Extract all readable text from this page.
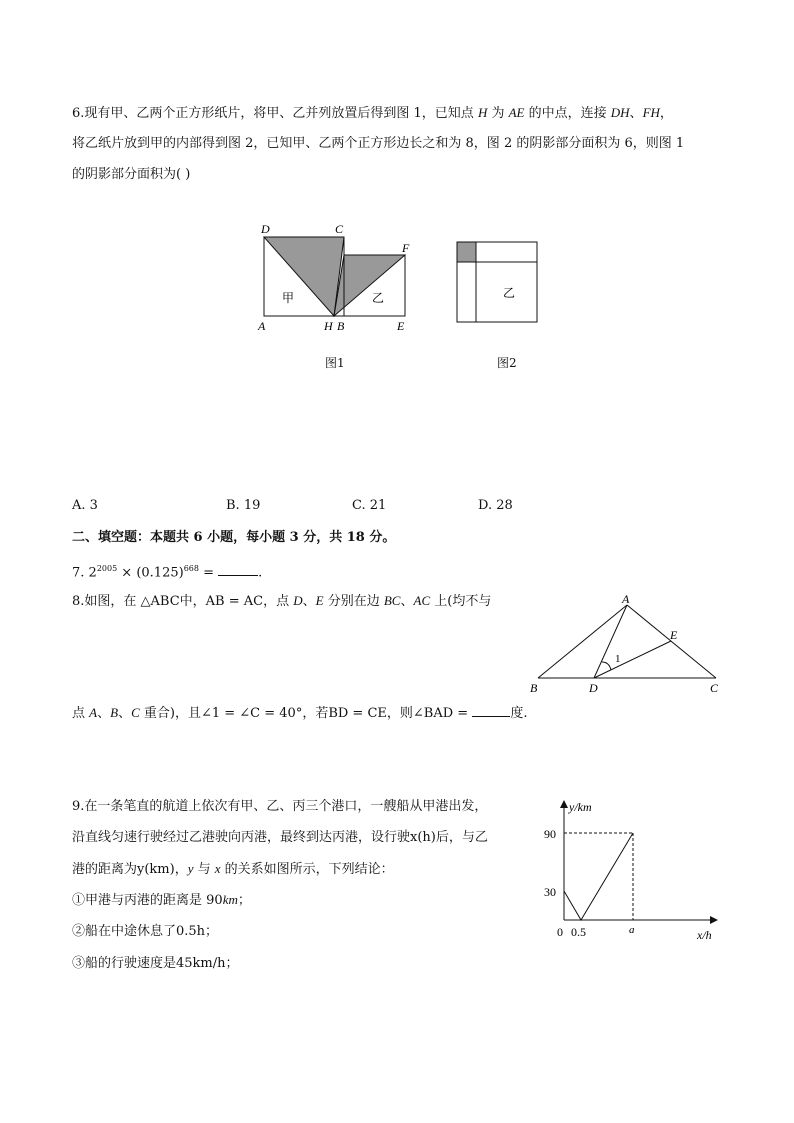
6.现有甲、乙两个正方形纸片，将甲、乙并列放置后得到图 1，已知点 H 为 AE 的中点，连接 DH、FH，
将乙纸片放到甲的内部得到图 2，已知甲、乙两个正方形边长之和为 8，图 2 的阴影部分面积为 6，则图 1
的阴影部分面积为( )
D	C
F
A	H B	E
甲	乙
图1
乙
图2
A. 3	B. 19	C. 21	D. 28
二、填空题：本题共 6 小题，每小题 3 分，共 18 分。
7. $2^{2005} \times (0.125)^{668}$ =	.
8.如图，在 △ABC中，AB = AC，点 D、E 分别在边 BC、AC 上(均不与
点 A、B、C 重合)，且∠1 = ∠C = 40°，若BD = CE，则∠BAD =	度.
A
E
1
B	D	C
9.在一条笔直的航道上依次有甲、乙、丙三个港口，一艘船从甲港出发，
沿直线匀速行驶经过乙港驶向丙港，最终到达丙港，设行驶x(h)后，与乙
港的距离为y(km)，y 与 x 的关系如图所示，下列结论：
①甲港与丙港的距离是 90km；
②船在中途休息了0.5h；
③船的行驶速度是45km/h；
y/km
x/h
90
30
0 0.5	a
